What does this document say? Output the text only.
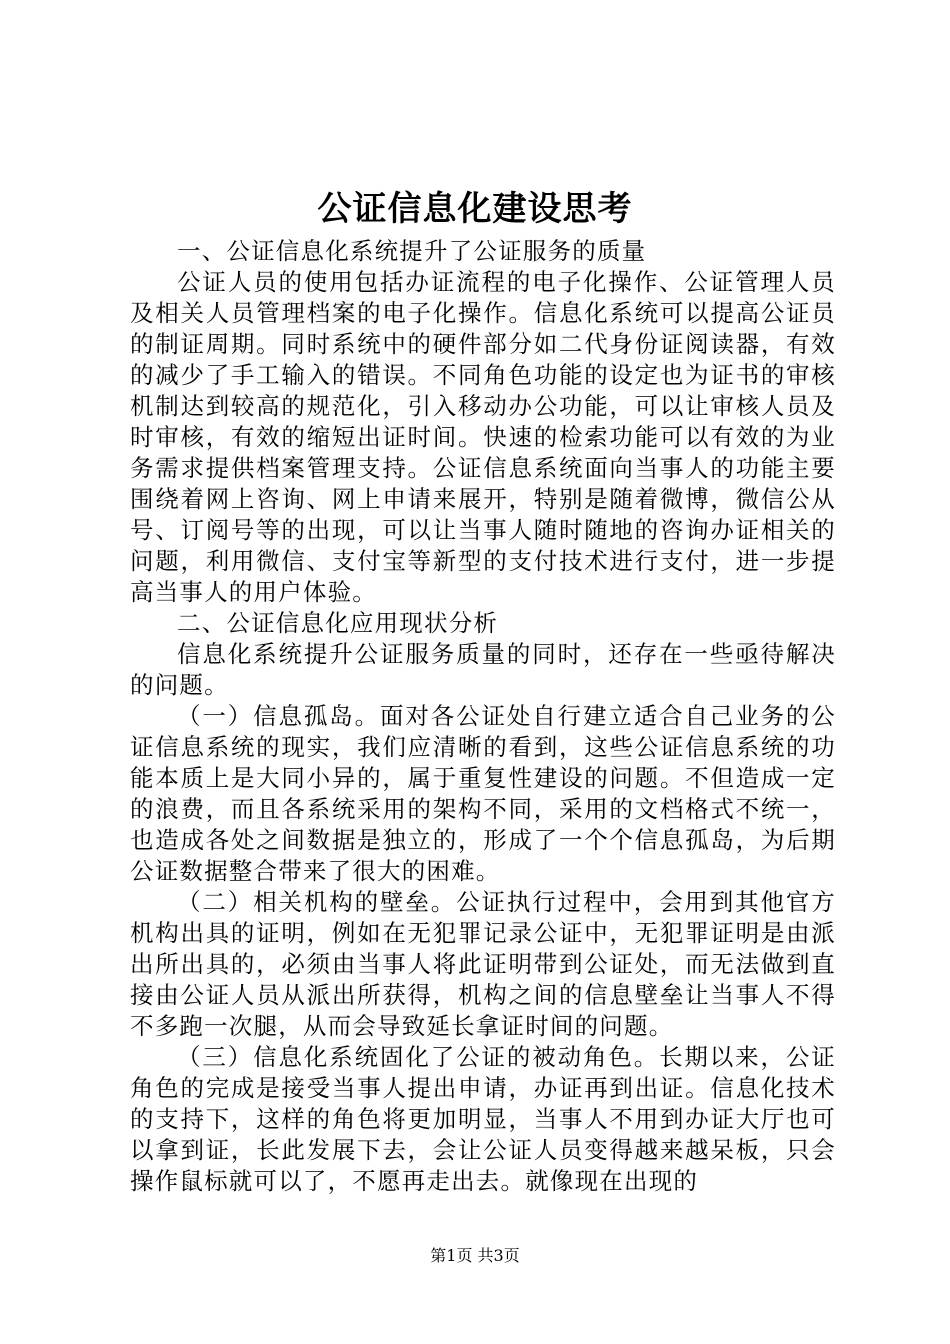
公证信息化建设思考

一、公证信息化系统提升了公证服务的质量

公证人员的使用包括办证流程的电子化操作、公证管理人员及相关人员管理档案的电子化操作。信息化系统可以提高公证员的制证周期。同时系统中的硬件部分如二代身份证阅读器，有效的减少了手工输入的错误。不同角色功能的设定也为证书的审核机制达到较高的规范化，引入移动办公功能，可以让审核人员及时审核，有效的缩短出证时间。快速的检索功能可以有效的为业务需求提供档案管理支持。公证信息系统面向当事人的功能主要围绕着网上咨询、网上申请来展开，特别是随着微博，微信公从号、订阅号等的出现，可以让当事人随时随地的咨询办证相关的问题，利用微信、支付宝等新型的支付技术进行支付，进一步提高当事人的用户体验。

二、公证信息化应用现状分析

信息化系统提升公证服务质量的同时，还存在一些亟待解决的问题。

（一）信息孤岛。面对各公证处自行建立适合自己业务的公证信息系统的现实，我们应清晰的看到，这些公证信息系统的功能本质上是大同小异的，属于重复性建设的问题。不但造成一定的浪费，而且各系统采用的架构不同，采用的文档格式不统一，也造成各处之间数据是独立的，形成了一个个信息孤岛，为后期公证数据整合带来了很大的困难。

（二）相关机构的壁垒。公证执行过程中，会用到其他官方机构出具的证明，例如在无犯罪记录公证中，无犯罪证明是由派出所出具的，必须由当事人将此证明带到公证处，而无法做到直接由公证人员从派出所获得，机构之间的信息壁垒让当事人不得不多跑一次腿，从而会导致延长拿证时间的问题。

（三）信息化系统固化了公证的被动角色。长期以来，公证角色的完成是接受当事人提出申请，办证再到出证。信息化技术的支持下，这样的角色将更加明显，当事人不用到办证大厅也可以拿到证，长此发展下去，会让公证人员变得越来越呆板，只会操作鼠标就可以了，不愿再走出去。就像现在出现的

第1页 共3页
